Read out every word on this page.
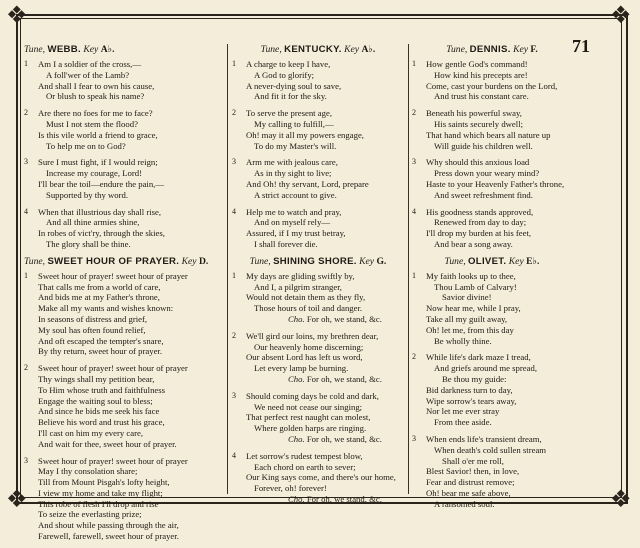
❖	❖
❖	❖
71
Tune, WEBB. Key A♭.
1 Am I a soldier of the cross,—
A foll'wer of the Lamb?
And shall I fear to own his cause,
Or blush to speak his name?
2 Are there no foes for me to face?
Must I not stem the flood?
Is this vile world a friend to grace,
To help me on to God?
3 Sure I must fight, if I would reign;
Increase my courage, Lord!
I'll bear the toil—endure the pain,—
Supported by thy word.
4 When that illustrious day shall rise,
And all thine armies shine,
In robes of vict'ry, through the skies,
The glory shall be thine.
Tune, SWEET HOUR OF PRAYER. Key D.
1 Sweet hour of prayer! sweet hour of prayer
That calls me from a world of care,
And bids me at my Father's throne,
Make all my wants and wishes known:
In seasons of distress and grief,
My soul has often found relief,
And oft escaped the tempter's snare,
By thy return, sweet hour of prayer.
2 Sweet hour of prayer! sweet hour of prayer
Thy wings shall my petition bear,
To Him whose truth and faithfulness
Engage the waiting soul to bless;
And since he bids me seek his face
Believe his word and trust his grace,
I'll cast on him my every care,
And wait for thee, sweet hour of prayer.
3 Sweet hour of prayer! sweet hour of prayer
May I thy consolation share;
Till from Mount Pisgah's lofty height,
I view my home and take my flight;
This robe of flesh I'll drop and rise
To seize the everlasting prize;
And shout while passing through the air,
Farewell, farewell, sweet hour of prayer.
Tune, KENTUCKY. Key A♭.
1 A charge to keep I have,
A God to glorify;
A never-dying soul to save,
And fit it for the sky.
2 To serve the present age,
My calling to fulfill,—
Oh! may it all my powers engage,
To do my Master's will.
3 Arm me with jealous care,
As in thy sight to live;
And Oh! thy servant, Lord, prepare
A strict account to give.
4 Help me to watch and pray,
And on myself rely—
Assured, if I my trust betray,
I shall forever die.
Tune, SHINING SHORE. Key G.
1 My days are gliding swiftly by,
And I, a pilgrim stranger,
Would not detain them as they fly,
Those hours of toil and danger.
Cho. For oh, we stand, &c.
2 We'll gird our loins, my brethren dear,
Our heavenly home discerning;
Our absent Lord has left us word,
Let every lamp be burning.
Cho. For oh, we stand, &c.
3 Should coming days be cold and dark,
We need not cease our singing;
That perfect rest naught can molest,
Where golden harps are ringing.
Cho. For oh, we stand, &c.
4 Let sorrow's rudest tempest blow,
Each chord on earth to sever;
Our King says come, and there's our home,
Forever, oh! forever!
Cho. For oh, we stand, &c.
Tune, DENNIS. Key F.
1 How gentle God's command!
How kind his precepts are!
Come, cast your burdens on the Lord,
And trust his constant care.
2 Beneath his powerful sway,
His saints securely dwell;
That hand which bears all nature up
Will guide his children well.
3 Why should this anxious load
Press down your weary mind?
Haste to your Heavenly Father's throne,
And sweet refreshment find.
4 His goodness stands approved,
Renewed from day to day;
I'll drop my burden at his feet,
And bear a song away.
Tune, OLIVET. Key E♭.
1 My faith looks up to thee,
Thou Lamb of Calvary!
Savior divine!
Now hear me, while I pray,
Take all my guilt away,
Oh! let me, from this day
Be wholly thine.
2 While life's dark maze I tread,
And griefs around me spread,
Be thou my guide:
Bid darkness turn to day,
Wipe sorrow's tears away,
Nor let me ever stray
From thee aside.
3 When ends life's transient dream,
When death's cold sullen stream
Shall o'er me roll,
Blest Savior! then, in love,
Fear and distrust remove;
Oh! bear me safe above,
A ransomed soul.
